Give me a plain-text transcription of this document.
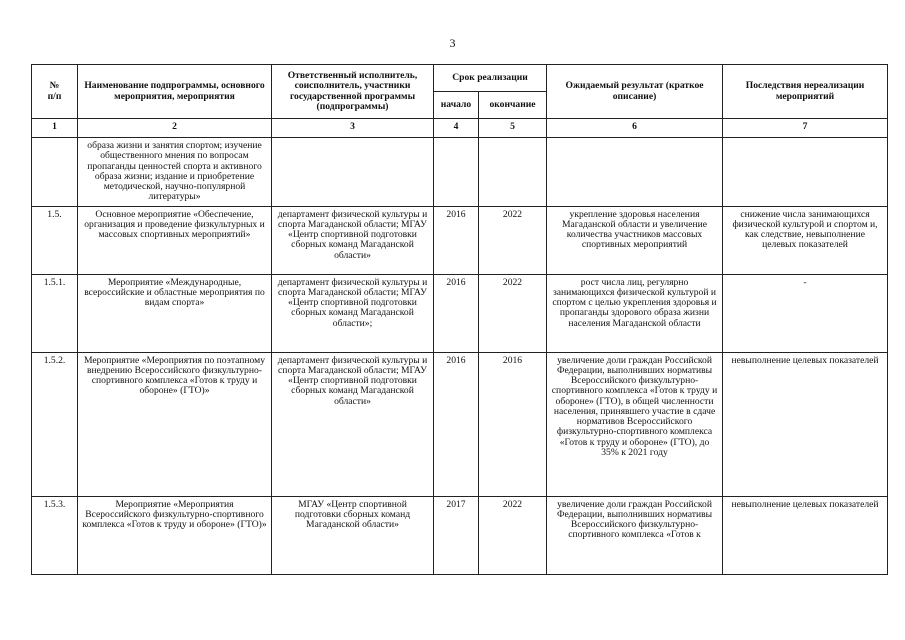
3
№
п/п	Наименование подпрограммы, основного мероприятия, мероприятия	Ответственный исполнитель, соисполнитель, участники государственной программы (подпрограммы)	Срок реализации		Ожидаемый результат (краткое описание)	Последствия нереализации мероприятий
			начало	окончание		
1	2	3	4	5	6	7
	образа жизни и занятия спортом; изучение общественного мнения по вопросам пропаганды ценностей спорта и активного образа жизни; издание и приобретение методической, научно-популярной литературы»					
1.5.	Основное мероприятие «Обеспечение, организация и проведение физкультурных и массовых спортивных мероприятий»	департамент физической культуры и спорта Магаданской области; МГАУ «Центр спортивной подготовки сборных команд Магаданской области»	2016	2022	укрепление здоровья населения Магаданской области и увеличение количества участников массовых спортивных мероприятий	снижение числа занимающихся физической культурой и спортом и, как следствие, невыполнение целевых показателей
1.5.1.	Мероприятие «Международные, всероссийские и областные мероприятия по видам спорта»	департамент физической культуры и спорта Магаданской области; МГАУ «Центр спортивной подготовки сборных команд Магаданской области»;	2016	2022	рост числа лиц, регулярно занимающихся физической культурой и спортом с целью укрепления здоровья и пропаганды здорового образа жизни населения Магаданской области	-
1.5.2.	Мероприятие «Мероприятия по поэтапному внедрению Всероссийского физкультурно-спортивного комплекса «Готов к труду и обороне» (ГТО)»	департамент физической культуры и спорта Магаданской области; МГАУ «Центр спортивной подготовки сборных команд Магаданской области»	2016	2016	увеличение доли граждан Российской Федерации, выполнивших нормативы Всероссийского физкультурно-спортивного комплекса «Готов к труду и обороне» (ГТО), в общей численности населения, принявшего участие в сдаче нормативов Всероссийского физкультурно-спортивного комплекса «Готов к труду и обороне» (ГТО), до 35% к 2021 году	невыполнение целевых показателей
1.5.3.	Мероприятие «Мероприятия Всероссийского физкультурно-спортивного комплекса «Готов к труду и обороне» (ГТО)»	МГАУ «Центр спортивной подготовки сборных команд Магаданской области»	2017	2022	увеличение доли граждан Российской Федерации, выполнивших нормативы Всероссийского физкультурно-спортивного комплекса «Готов к	невыполнение целевых показателей
